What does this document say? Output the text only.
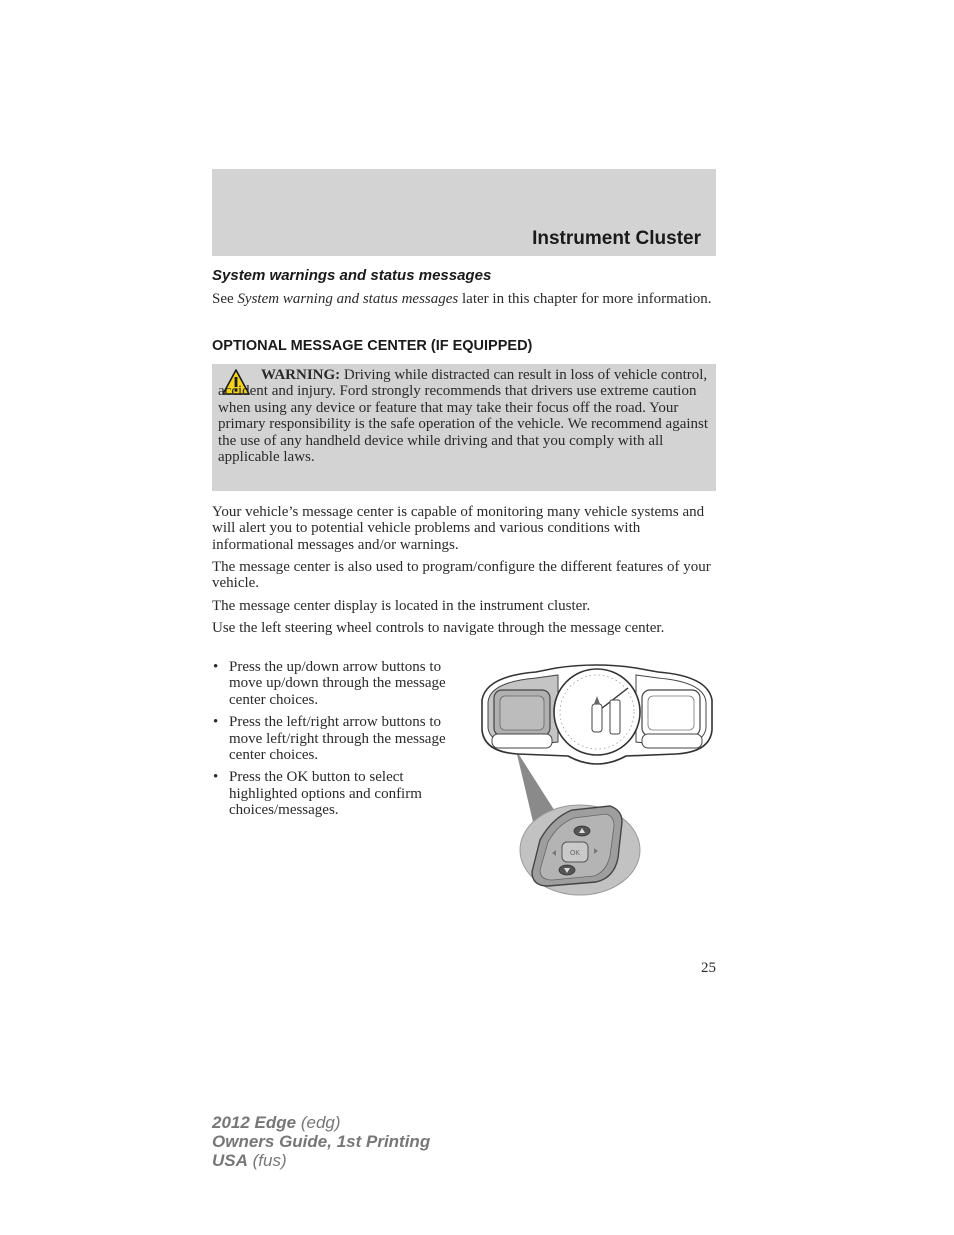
Instrument Cluster
System warnings and status messages
See System warning and status messages later in this chapter for more information.
OPTIONAL MESSAGE CENTER (IF EQUIPPED)
WARNING: Driving while distracted can result in loss of vehicle control, accident and injury. Ford strongly recommends that drivers use extreme caution when using any device or feature that may take their focus off the road. Your primary responsibility is the safe operation of the vehicle. We recommend against the use of any handheld device while driving and that you comply with all applicable laws.
Your vehicle’s message center is capable of monitoring many vehicle systems and will alert you to potential vehicle problems and various conditions with informational messages and/or warnings.
The message center is also used to program/configure the different features of your vehicle.
The message center display is located in the instrument cluster.
Use the left steering wheel controls to navigate through the message center.
• Press the up/down arrow buttons to move up/down through the message center choices.
• Press the left/right arrow buttons to move left/right through the message center choices.
• Press the OK button to select highlighted options and confirm choices/messages.
OK
25
2012 Edge (edg)
Owners Guide, 1st Printing
USA (fus)
